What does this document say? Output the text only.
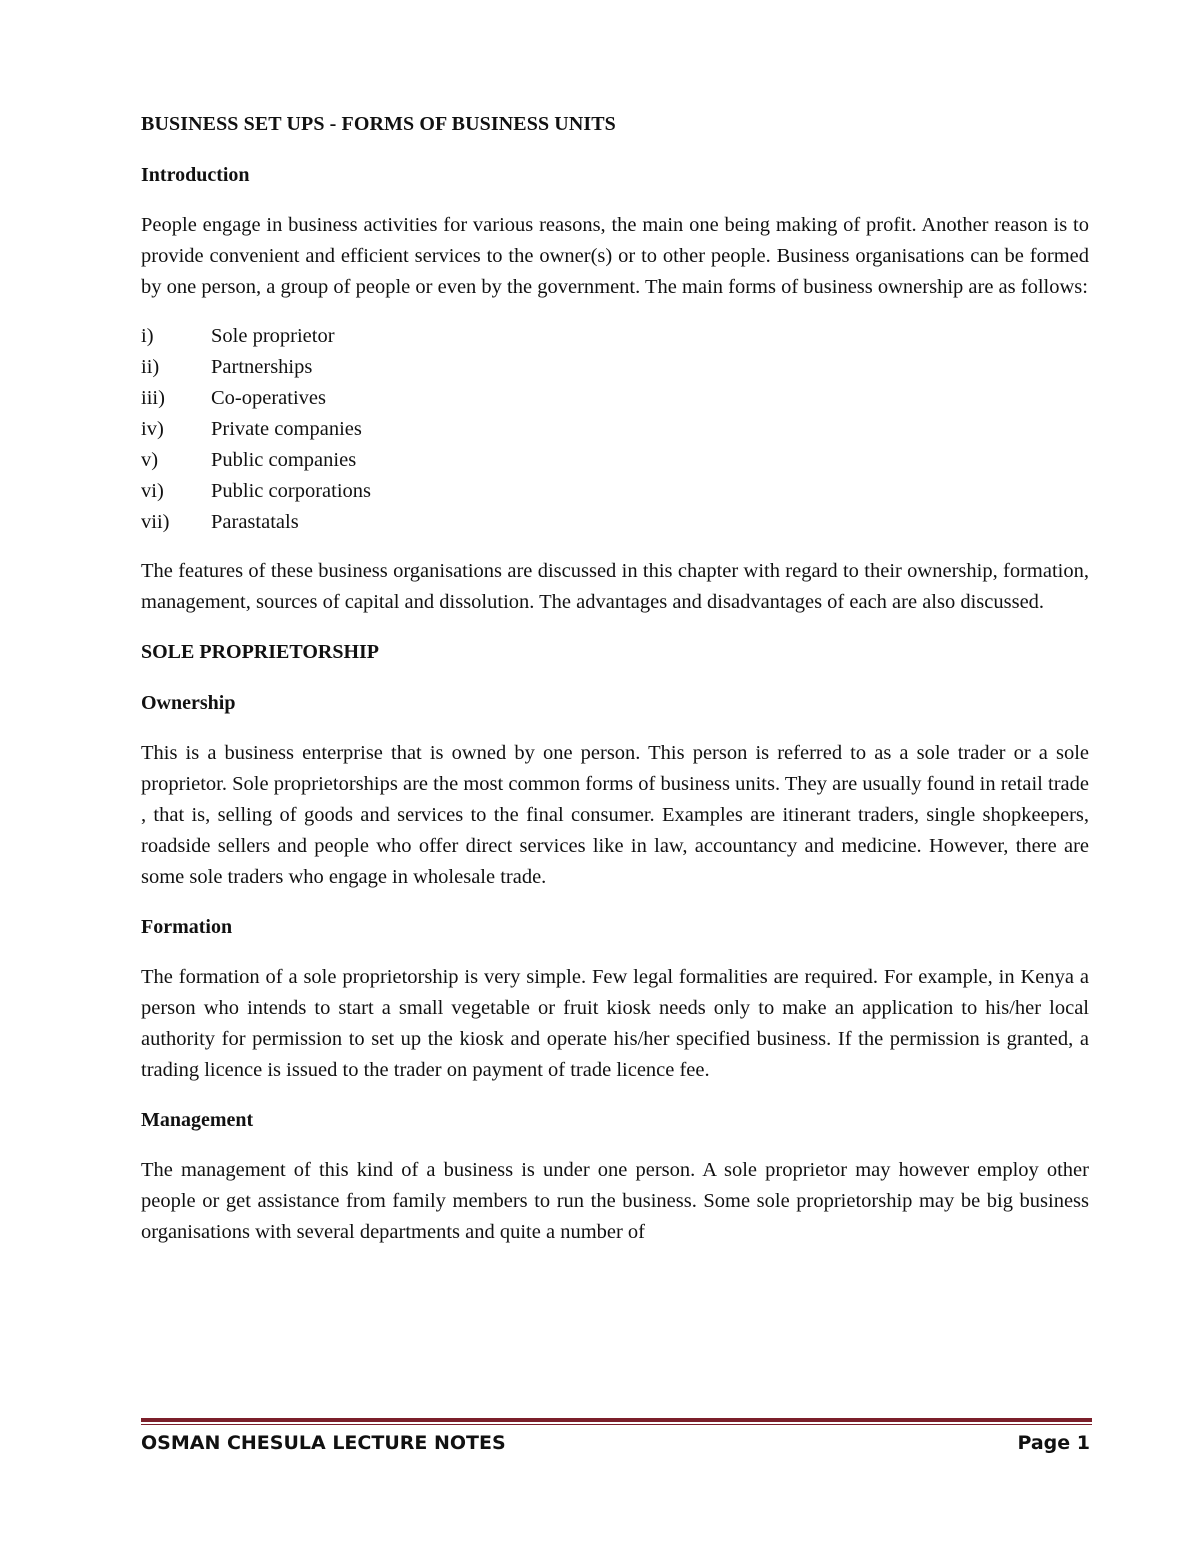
BUSINESS SET UPS - FORMS OF BUSINESS UNITS

Introduction

People engage in business activities for various reasons, the main one being making of profit. Another reason is to provide convenient and efficient services to the owner(s) or to other people. Business organisations can be formed by one person, a group of people or even by the government. The main forms of business ownership are as follows:

i)	Sole proprietor
ii)	Partnerships
iii)	Co-operatives
iv)	Private companies
v)	Public companies
vi)	Public corporations
vii)	Parastatals

The features of these business organisations are discussed in this chapter with regard to their ownership, formation, management, sources of capital and dissolution. The advantages and disadvantages of each are also discussed.

SOLE PROPRIETORSHIP

Ownership

This is a business enterprise that is owned by one person. This person is referred to as a sole trader or a sole proprietor. Sole proprietorships are the most common forms of business units. They are usually found in retail trade , that is, selling of goods and services to the final consumer. Examples are itinerant traders, single shopkeepers, roadside sellers and people who offer direct services like in law, accountancy and medicine. However, there are some sole traders who engage in wholesale trade.

Formation

The formation of a sole proprietorship is very simple. Few legal formalities are required. For example, in Kenya a person who intends to start a small vegetable or fruit kiosk needs only to make an application to his/her local authority for permission to set up the kiosk and operate his/her specified business. If the permission is granted, a trading licence is issued to the trader on payment of trade licence fee.

Management

The management of this kind of a business is under one person. A sole proprietor may however employ other people or get assistance from family members to run the business. Some sole proprietorship may be big business organisations with several departments and quite a number of

OSMAN CHESULA LECTURE NOTES	Page 1
